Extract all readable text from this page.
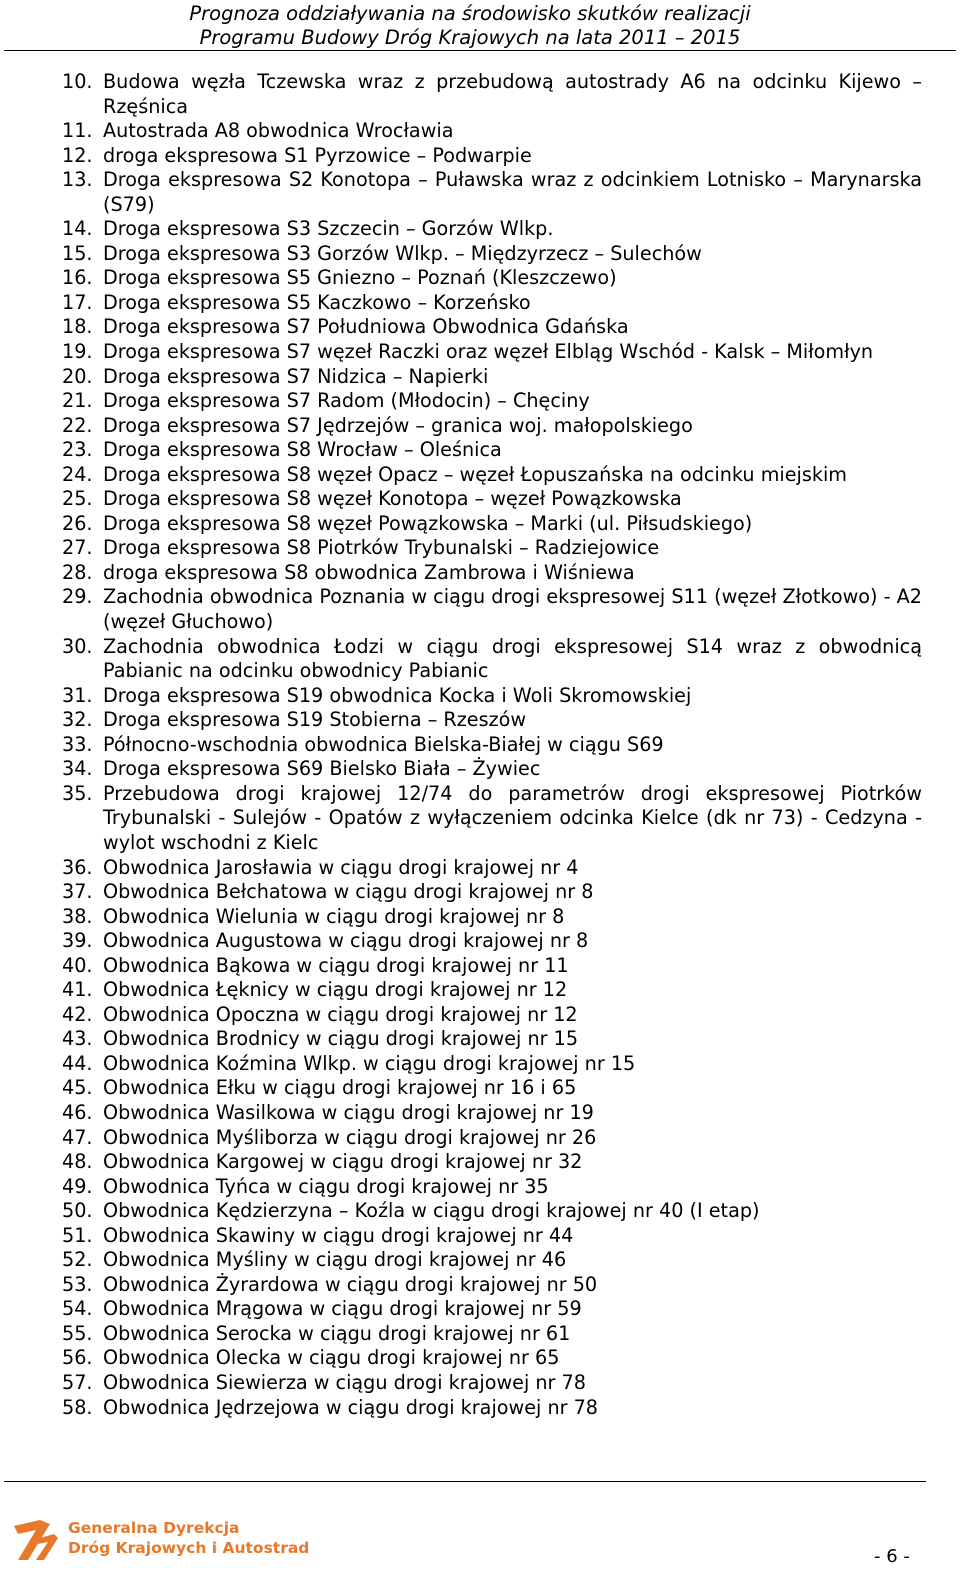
Prognoza oddziaływania na środowisko skutków realizacji
Programu Budowy Dróg Krajowych na lata 2011 – 2015
10. Budowa węzła Tczewska wraz z przebudową autostrady A6 na odcinku Kijewo – Rzęśnica
11. Autostrada A8 obwodnica Wrocławia
12. droga ekspresowa S1 Pyrzowice – Podwarpie
13. Droga ekspresowa S2 Konotopa – Puławska wraz z odcinkiem Lotnisko – Marynarska (S79)
14. Droga ekspresowa S3 Szczecin – Gorzów Wlkp.
15. Droga ekspresowa S3 Gorzów Wlkp. – Międzyrzecz – Sulechów
16. Droga ekspresowa S5 Gniezno – Poznań (Kleszczewo)
17. Droga ekspresowa S5 Kaczkowo – Korzeńsko
18. Droga ekspresowa S7 Południowa Obwodnica Gdańska
19. Droga ekspresowa S7 węzeł Raczki oraz węzeł Elbląg Wschód - Kalsk – Miłomłyn
20. Droga ekspresowa S7 Nidzica – Napierki
21. Droga ekspresowa S7 Radom (Młodocin) – Chęciny
22. Droga ekspresowa S7 Jędrzejów – granica woj. małopolskiego
23. Droga ekspresowa S8 Wrocław – Oleśnica
24. Droga ekspresowa S8 węzeł Opacz – węzeł Łopuszańska na odcinku miejskim
25. Droga ekspresowa S8 węzeł Konotopa – węzeł Powązkowska
26. Droga ekspresowa S8 węzeł Powązkowska – Marki (ul. Piłsudskiego)
27. Droga ekspresowa S8 Piotrków Trybunalski – Radziejowice
28. droga ekspresowa S8 obwodnica Zambrowa i Wiśniewa
29. Zachodnia obwodnica Poznania w ciągu drogi ekspresowej S11 (węzeł Złotkowo) - A2 (węzeł Głuchowo)
30. Zachodnia obwodnica Łodzi w ciągu drogi ekspresowej S14 wraz z obwodnicą Pabianic na odcinku obwodnicy Pabianic
31. Droga ekspresowa S19 obwodnica Kocka i Woli Skromowskiej
32. Droga ekspresowa S19 Stobierna – Rzeszów
33. Północno-wschodnia obwodnica Bielska-Białej w ciągu S69
34. Droga ekspresowa S69 Bielsko Biała – Żywiec
35. Przebudowa drogi krajowej 12/74 do parametrów drogi ekspresowej Piotrków Trybunalski - Sulejów - Opatów z wyłączeniem odcinka Kielce (dk nr 73) - Cedzyna - wylot wschodni z Kielc
36. Obwodnica Jarosławia w ciągu drogi krajowej nr 4
37. Obwodnica Bełchatowa w ciągu drogi krajowej nr 8
38. Obwodnica Wielunia w ciągu drogi krajowej nr 8
39. Obwodnica Augustowa w ciągu drogi krajowej nr 8
40. Obwodnica Bąkowa w ciągu drogi krajowej nr 11
41. Obwodnica Łęknicy w ciągu drogi krajowej nr 12
42. Obwodnica Opoczna w ciągu drogi krajowej nr 12
43. Obwodnica Brodnicy w ciągu drogi krajowej nr 15
44. Obwodnica Koźmina Wlkp. w ciągu drogi krajowej nr 15
45. Obwodnica Ełku w ciągu drogi krajowej nr 16 i 65
46. Obwodnica Wasilkowa w ciągu drogi krajowej nr 19
47. Obwodnica Myśliborza w ciągu drogi krajowej nr 26
48. Obwodnica Kargowej w ciągu drogi krajowej nr 32
49. Obwodnica Tyńca w ciągu drogi krajowej nr 35
50. Obwodnica Kędzierzyna – Koźla w ciągu drogi krajowej nr 40 (I etap)
51. Obwodnica Skawiny w ciągu drogi krajowej nr 44
52. Obwodnica Myśliny w ciągu drogi krajowej nr 46
53. Obwodnica Żyrardowa w ciągu drogi krajowej nr 50
54. Obwodnica Mrągowa w ciągu drogi krajowej nr 59
55. Obwodnica Serocka w ciągu drogi krajowej nr 61
56. Obwodnica Olecka w ciągu drogi krajowej nr 65
57. Obwodnica Siewierza w ciągu drogi krajowej nr 78
58. Obwodnica Jędrzejowa w ciągu drogi krajowej nr 78
Generalna Dyrekcja
Dróg Krajowych i Autostrad	- 6 -
